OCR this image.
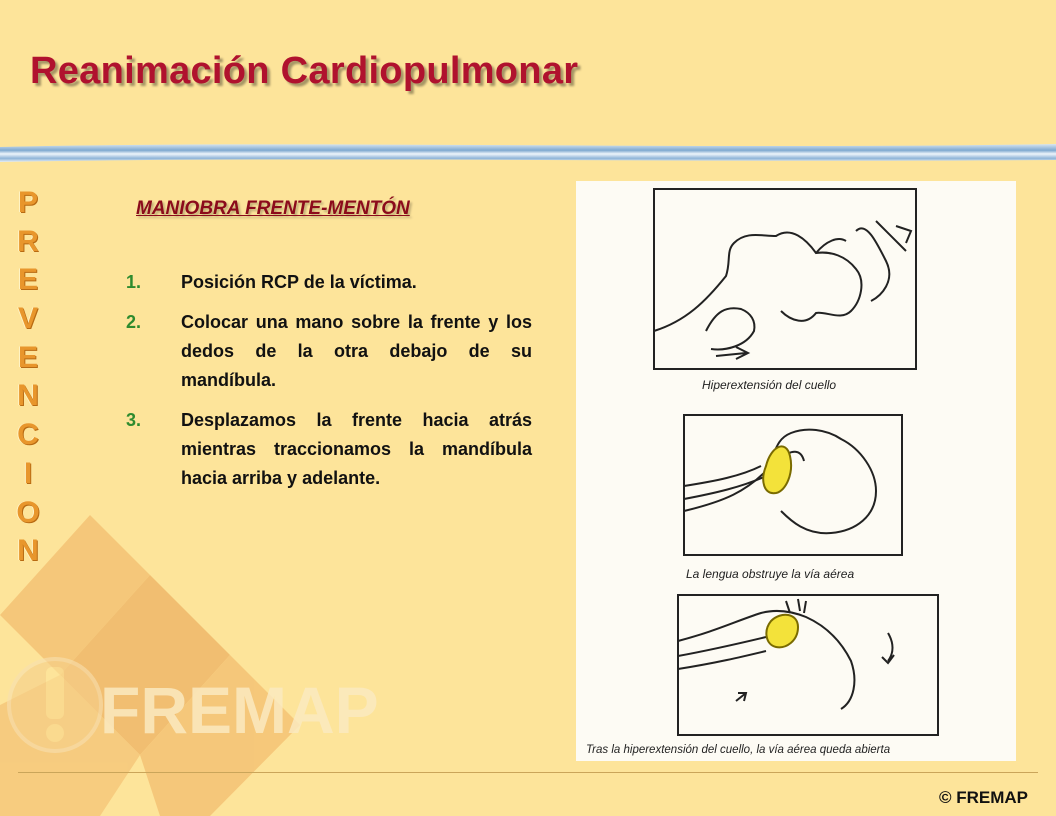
FREMAP
Reanimación Cardiopulmonar
P
R
E
V
E
N
C
I
O
N
MANIOBRA FRENTE-MENTÓN
1. Posición RCP de la víctima.
2. Colocar una mano sobre la frente y los dedos de la otra debajo de su mandíbula.
3. Desplazamos la frente hacia atrás mientras traccionamos la mandíbula hacia arriba y adelante.
Hiperextensión del cuello
La lengua obstruye la vía aérea
Tras la hiperextensión del cuello, la vía aérea queda abierta
© FREMAP
